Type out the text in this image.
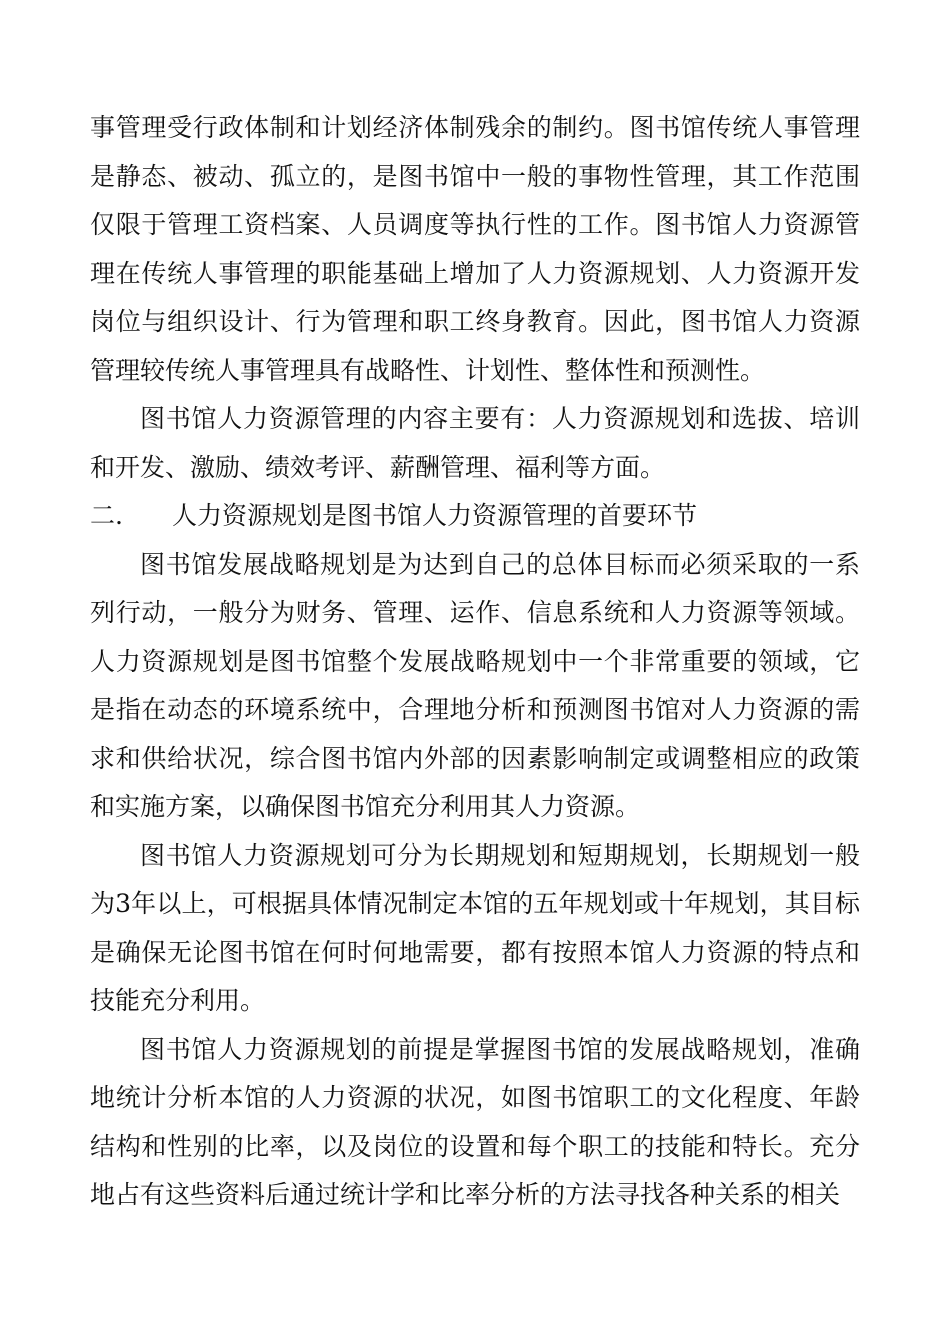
事管理受行政体制和计划经济体制残余的制约。图书馆传统人事管理是静态、被动、孤立的，是图书馆中一般的事物性管理，其工作范围仅限于管理工资档案、人员调度等执行性的工作。图书馆人力资源管理在传统人事管理的职能基础上增加了人力资源规划、人力资源开发岗位与组织设计、行为管理和职工终身教育。因此，图书馆人力资源管理较传统人事管理具有战略性、计划性、整体性和预测性。

图书馆人力资源管理的内容主要有：人力资源规划和选拔、培训和开发、激励、绩效考评、薪酬管理、福利等方面。

二. 人力资源规划是图书馆人力资源管理的首要环节

图书馆发展战略规划是为达到自己的总体目标而必须采取的一系列行动，一般分为财务、管理、运作、信息系统和人力资源等领域。人力资源规划是图书馆整个发展战略规划中一个非常重要的领域，它是指在动态的环境系统中，合理地分析和预测图书馆对人力资源的需求和供给状况，综合图书馆内外部的因素影响制定或调整相应的政策和实施方案，以确保图书馆充分利用其人力资源。

图书馆人力资源规划可分为长期规划和短期规划，长期规划一般为3年以上，可根据具体情况制定本馆的五年规划或十年规划，其目标是确保无论图书馆在何时何地需要，都有按照本馆人力资源的特点和技能充分利用。

图书馆人力资源规划的前提是掌握图书馆的发展战略规划，准确地统计分析本馆的人力资源的状况，如图书馆职工的文化程度、年龄结构和性别的比率，以及岗位的设置和每个职工的技能和特长。充分地占有这些资料后通过统计学和比率分析的方法寻找各种关系的相关
